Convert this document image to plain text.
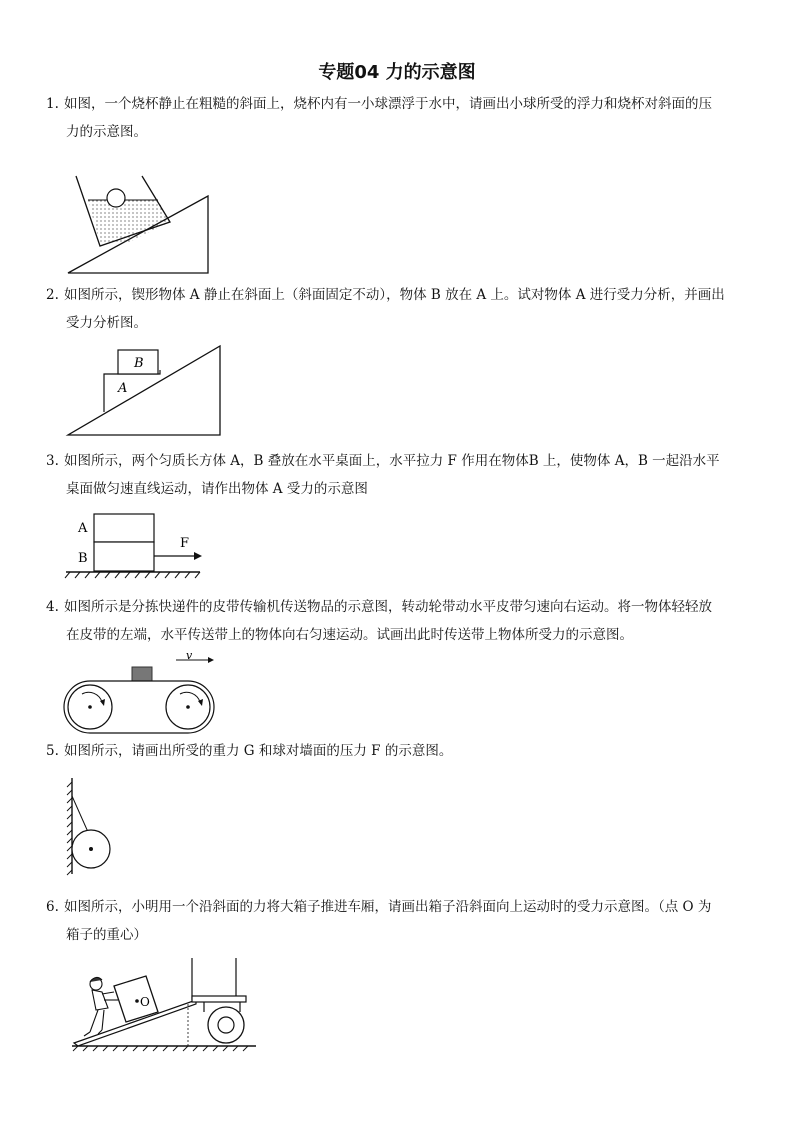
专题04 力的示意图
1. 如图，一个烧杯静止在粗糙的斜面上，烧杯内有一小球漂浮于水中，请画出小球所受的浮力和烧杯对斜面的压
力的示意图。
2. 如图所示，锲形物体 A 静止在斜面上（斜面固定不动），物体 B 放在 A 上。试对物体 A 进行受力分析，并画出
受力分析图。
B
A
3. 如图所示，两个匀质长方体 A，B 叠放在水平桌面上，水平拉力 F 作用在物体B 上，使物体 A，B 一起沿水平
桌面做匀速直线运动，请作出物体 A 受力的示意图
A
B
F
4. 如图所示是分拣快递件的皮带传输机传送物品的示意图，转动轮带动水平皮带匀速向右运动。将一物体轻轻放
在皮带的左端，水平传送带上的物体向右匀速运动。试画出此时传送带上物体所受力的示意图。
v
5. 如图所示，请画出所受的重力 G 和球对墙面的压力 F 的示意图。
6. 如图所示，小明用一个沿斜面的力将大箱子推进车厢，请画出箱子沿斜面向上运动时的受力示意图。（点 O 为
箱子的重心）
O
